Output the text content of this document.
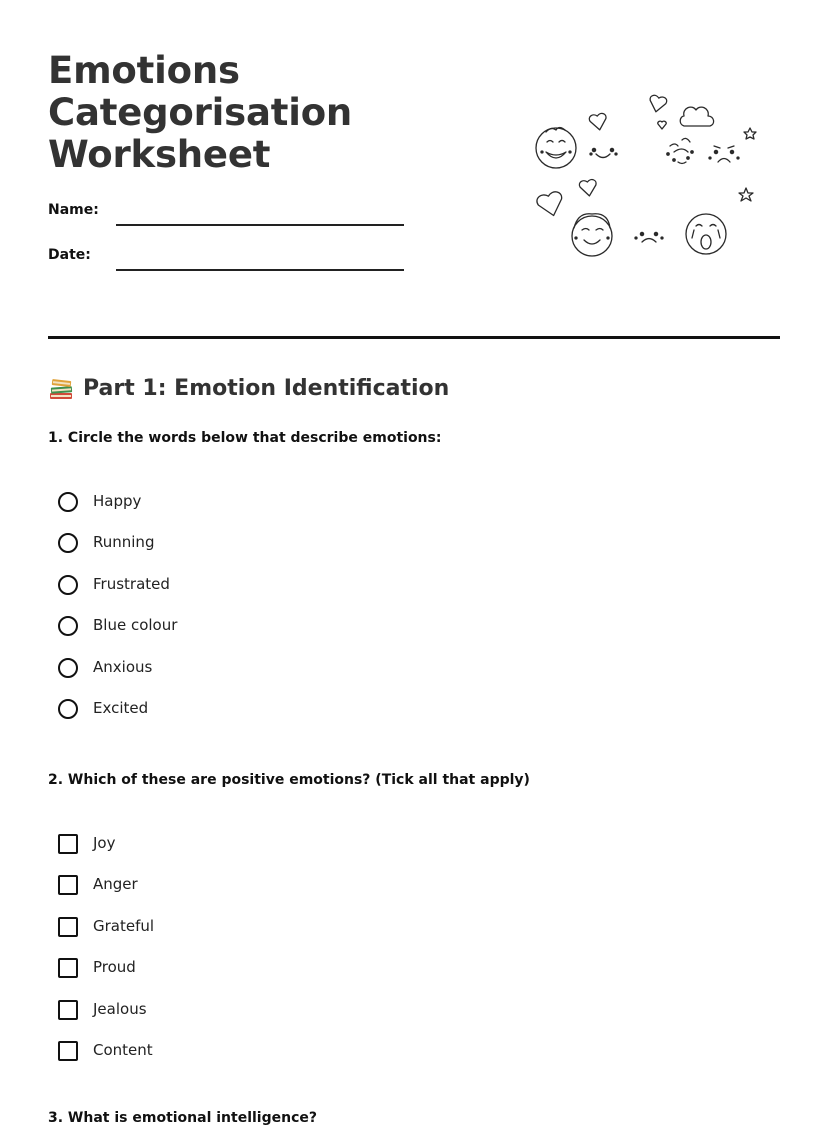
Emotions
Categorisation
Worksheet
Name:
Date:
Part 1: Emotion Identification

1. Circle the words below that describe emotions:

Happy
Running
Frustrated
Blue colour
Anxious
Excited

2. Which of these are positive emotions? (Tick all that apply)

Joy
Anger
Grateful
Proud
Jealous
Content

3. What is emotional intelligence?
